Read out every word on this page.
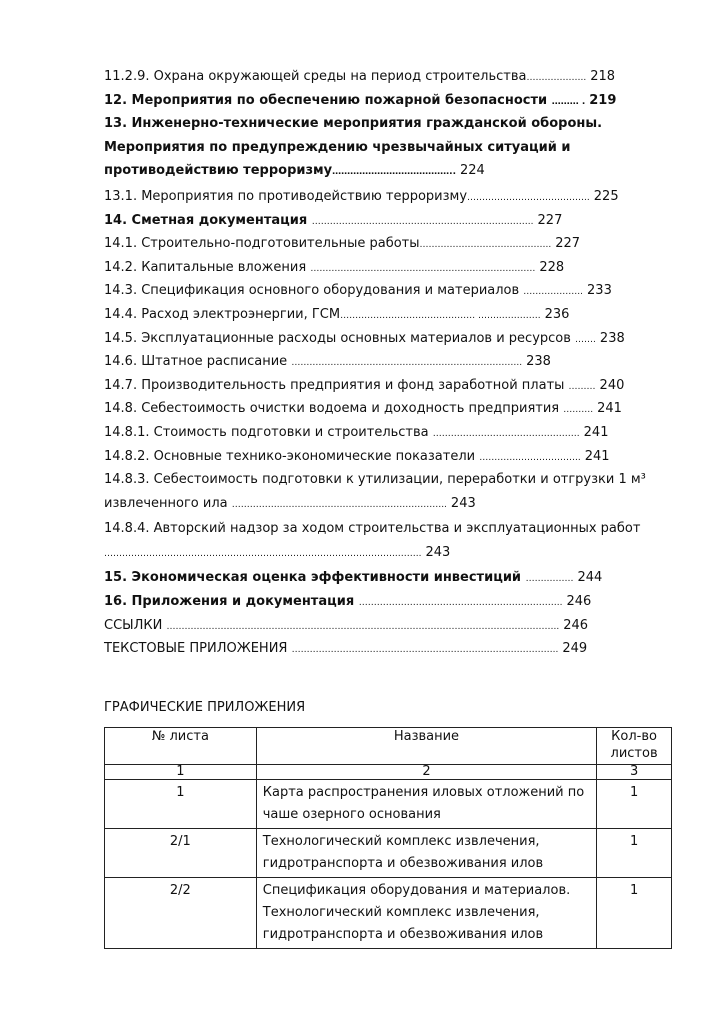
11.2.9. Охрана окружающей среды на период строительства……………….. 218
12. Мероприятия по обеспечению пожарной безопасности ……… . 219
13. Инженерно-технические мероприятия гражданской обороны. Мероприятия по предупреждению чрезвычайных ситуаций и противодействию терроризму………………………………….. 224
13.1. Мероприятия по противодействию терроризму………………………………….. 225
14. Сметная документация ……………………………………………………………….. 227
14.1. Строительно-подготовительные работы…………………………………….. 227
14.2. Капитальные вложения ………………………………………………………………… 228
14.3. Спецификация основного оборудования и материалов ……………….. 233
14.4. Расход электроэнергии, ГСМ……………………………………… ……..…………. 236
14.5. Эксплуатационные расходы основных материалов и ресурсов ……. 238
14.6. Штатное расписание ………………………………………………………………….. 238
14.7. Производительность предприятия и фонд заработной платы ……… 240
14.8. Себестоимость очистки водоема и доходность предприятия ………. 241
14.8.1. Стоимость подготовки и строительства …………………………………………. 241
14.8.2. Основные технико-экономические показатели …………..……………….. 241
14.8.3. Себестоимость подготовки к утилизации, переработки и отгрузки 1 м³ извлеченного ила ……………..……………………………..……………….. 243
14.8.4. Авторский надзор за ходом строительства и эксплуатационных работ ……………………………………………………………………………………..…….. 243
15. Экономическая оценка эффективности инвестиций …….……… 244
16. Приложения и документация ………………………………………………………….. 246
ССЫЛКИ ………………………………………………………………………………………………………………….. 246
ТЕКСТОВЫЕ ПРИЛОЖЕНИЯ …………………………………………………………………………….. 249
ГРАФИЧЕСКИЕ ПРИЛОЖЕНИЯ
№ листа	Название	Кол-во листов
1	2	3
1	Карта распространения иловых отложений по чаше озерного основания	1
2/1	Технологический комплекс извлечения, гидротранспорта и обезвоживания илов	1
2/2	Спецификация оборудования и материалов. Технологический комплекс извлечения, гидротранспорта и обезвоживания илов	1
